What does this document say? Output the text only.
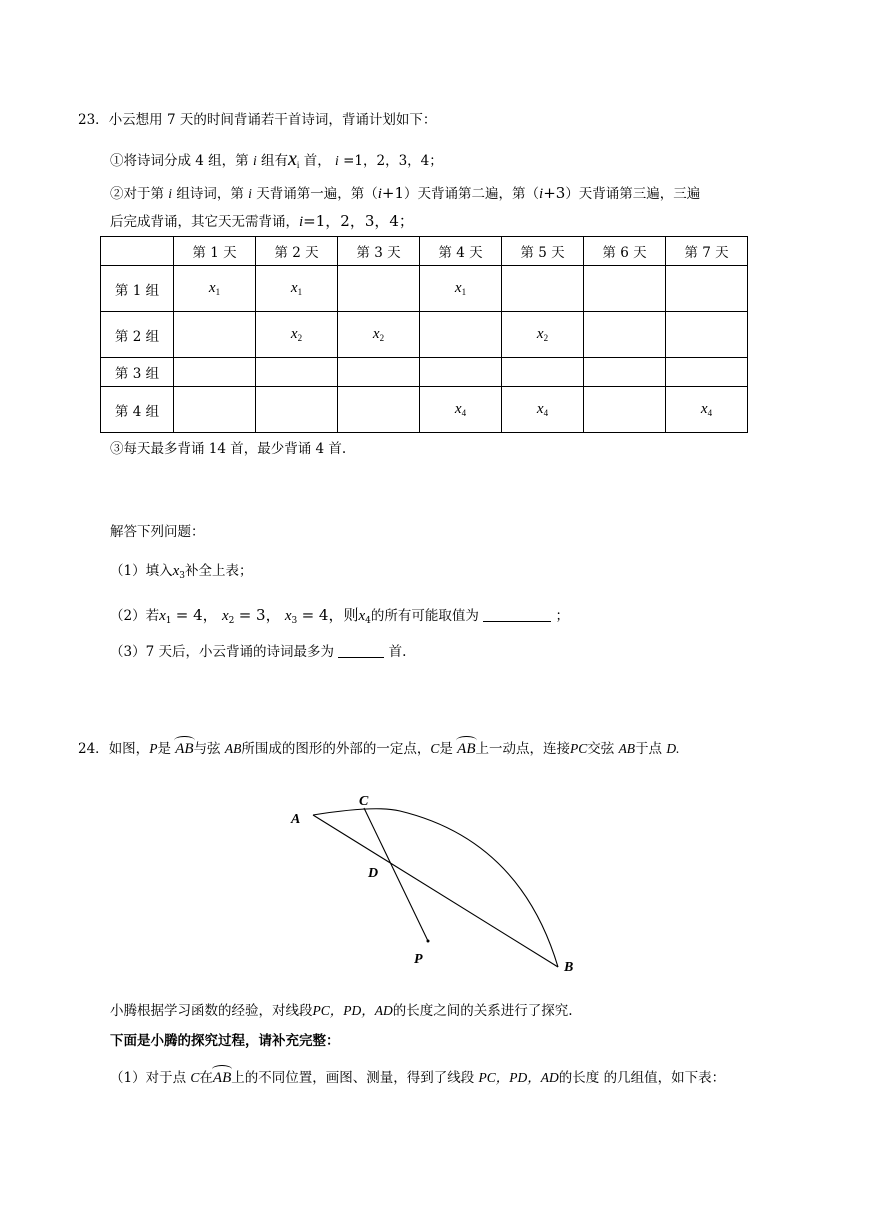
23．小云想用 7 天的时间背诵若干首诗词，背诵计划如下：
①将诗词分成 4 组，第 i 组有$x_i$ 首， i =1，2，3，4；
②对于第 i 组诗词，第 i 天背诵第一遍，第（i+1）天背诵第二遍，第（i+3）天背诵第三遍，三遍
后完成背诵，其它天无需背诵，i=1，2，3，4；
	第 1 天	第 2 天	第 3 天	第 4 天	第 5 天	第 6 天	第 7 天
第 1 组	$x_1$	$x_1$		$x_1$			
第 2 组		$x_2$	$x_2$		$x_2$		
第 3 组							
第 4 组				$x_4$	$x_4$		$x_4$
③每天最多背诵 14 首，最少背诵 4 首.
解答下列问题：
（1）填入$x_3$补全上表；
（2）若$x_1 = 4$， $x_2 = 3$， $x_3 = 4$，则$x_4$的所有可能取值为	；
（3）7 天后，小云背诵的诗词最多为	首.
24．如图，P是 AB与弦 AB所围成的图形的外部的一定点，C是 AB上一动点，连接PC交弦 AB于点 D.
A
C
D
P
B
小腾根据学习函数的经验，对线段PC，PD，AD的长度之间的关系进行了探究.
下面是小腾的探究过程，请补充完整：
（1）对于点 C在AB上的不同位置，画图、测量，得到了线段 PC，PD，AD的长度 的几组值，如下表：
